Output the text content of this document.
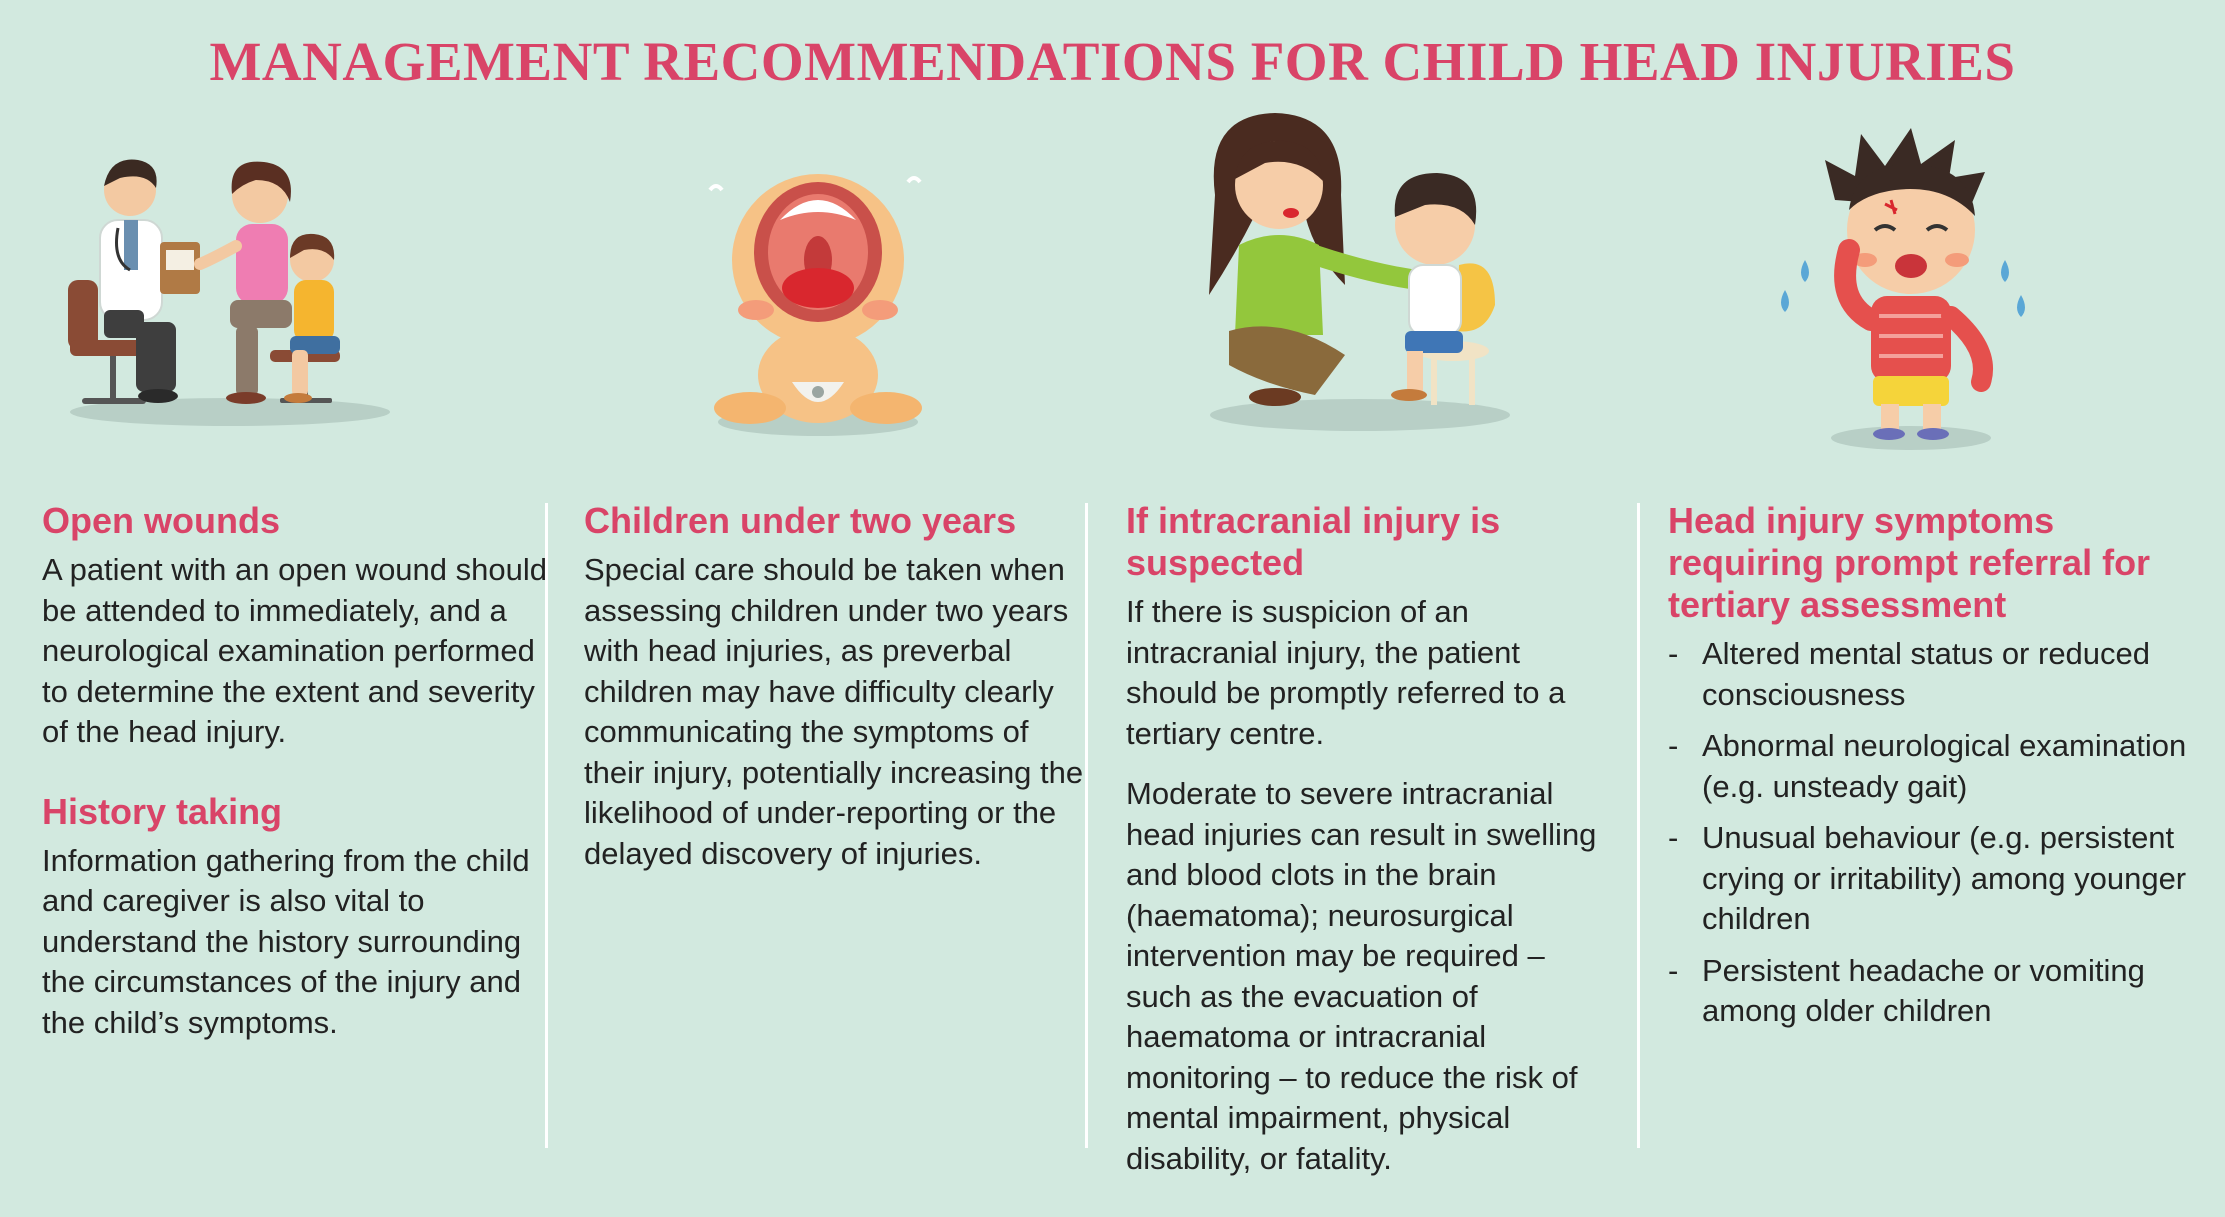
MANAGEMENT RECOMMENDATIONS FOR CHILD HEAD INJURIES
Open wounds

A patient with an open wound should be attended to immediately, and a neurological examination performed to determine the extent and severity of the head injury.

History taking

Information gathering from the child and caregiver is also vital to understand the history surrounding the circumstances of the injury and the child’s symptoms.

Children under two years

Special care should be taken when assessing children under two years with head injuries, as preverbal children may have difficulty clearly communicating the symptoms of their injury, potentially increasing the likelihood of under-reporting or the delayed discovery of injuries.

If intracranial injury is suspected

If there is suspicion of an intracranial injury, the patient should be promptly referred to a tertiary centre.

Moderate to severe intracranial head injuries can result in swelling and blood clots in the brain (haematoma); neurosurgical intervention may be required – such as the evacuation of haematoma or intracranial monitoring – to reduce the risk of mental impairment, physical disability, or fatality.

Head injury symptoms requiring prompt referral for tertiary assessment
- Altered mental status or reduced consciousness
- Abnormal neurological examination (e.g. unsteady gait)
- Unusual behaviour (e.g. persistent crying or irritability) among younger children
- Persistent headache or vomiting among older children
